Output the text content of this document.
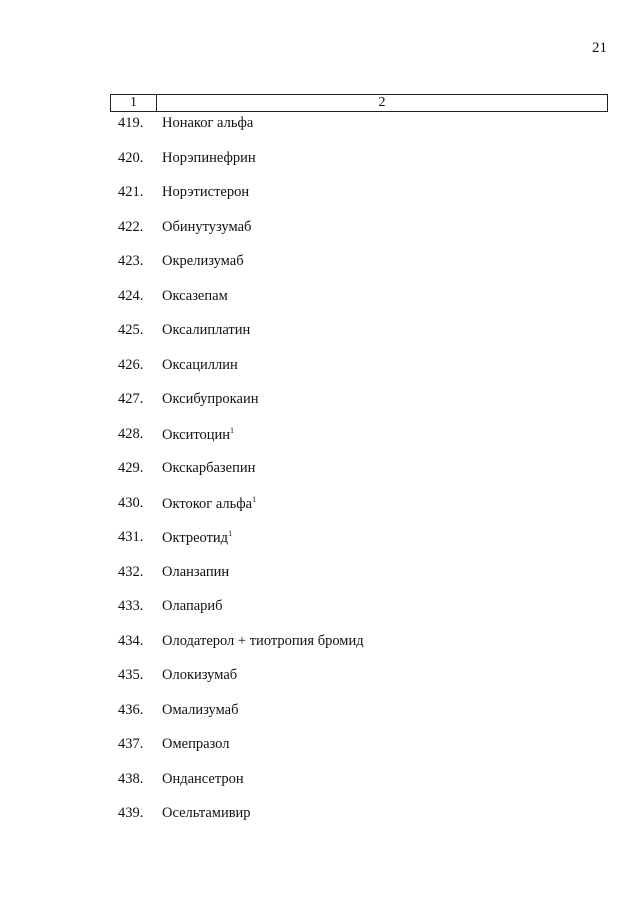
21
1	2
419.	Нонаког альфа
420.	Норэпинефрин
421.	Норэтистерон
422.	Обинутузумаб
423.	Окрелизумаб
424.	Оксазепам
425.	Оксалиплатин
426.	Оксациллин
427.	Оксибупрокаин
428.	Окситоцин$^1$
429.	Окскарбазепин
430.	Октоког альфа$^1$
431.	Октреотид$^1$
432.	Оланзапин
433.	Олапариб
434.	Олодатерол + тиотропия бромид
435.	Олокизумаб
436.	Омализумаб
437.	Омепразол
438.	Ондансетрон
439.	Осельтамивир
